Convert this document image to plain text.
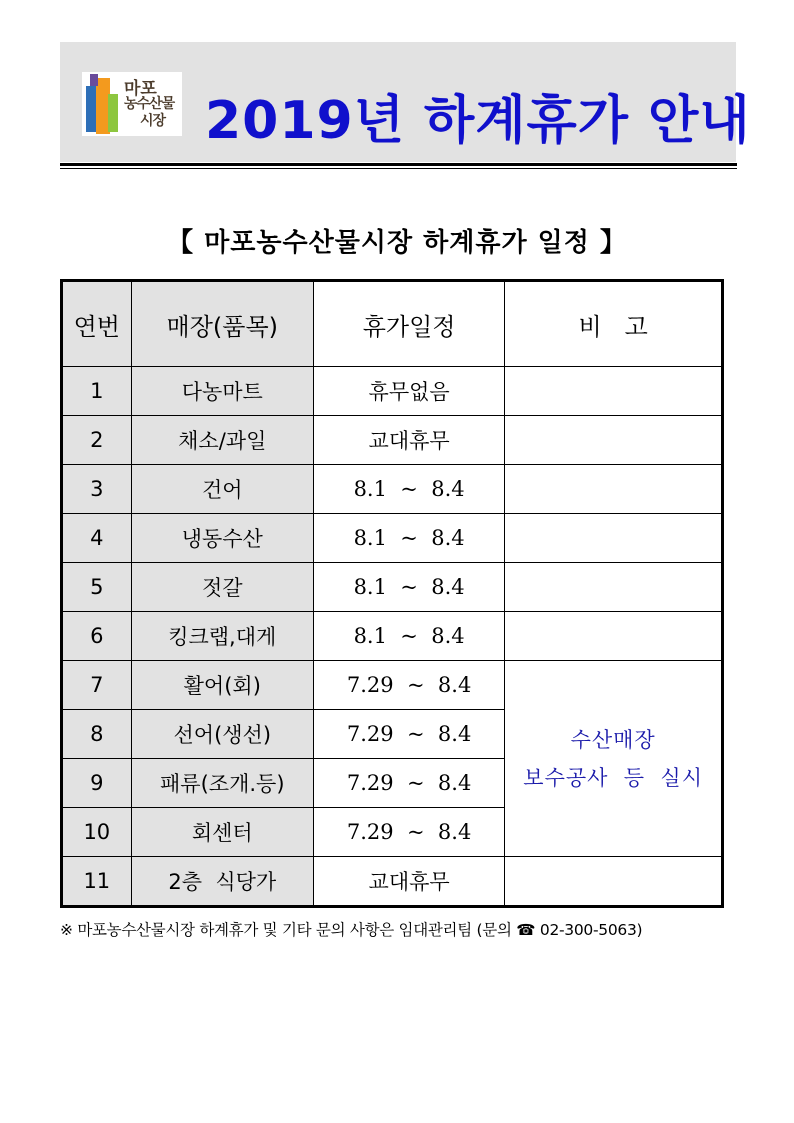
마포
농수산물
시장 2019년 하계휴가 안내
【 마포농수산물시장 하계휴가 일정 】
연번	매장(품목)	휴가일정	비   고
1	다농마트	휴무없음	
2	채소/과일	교대휴무	
3	건어	8.1  ~  8.4	
4	냉동수산	8.1  ~  8.4	
5	젓갈	8.1  ~  8.4	
6	킹크랩,대게	8.1  ~  8.4	
7	활어(회)	7.29  ~  8.4	수산매장
보수공사  등  실시

8	선어(생선)	7.29  ~  8.4	
9	패류(조개.등)	7.29  ~  8.4	
10	회센터	7.29  ~  8.4	
11	2층  식당가	교대휴무	
※ 마포농수산물시장 하계휴가 및 기타 문의 사항은 임대관리팀 (문의 ☎ 02-300-5063)
